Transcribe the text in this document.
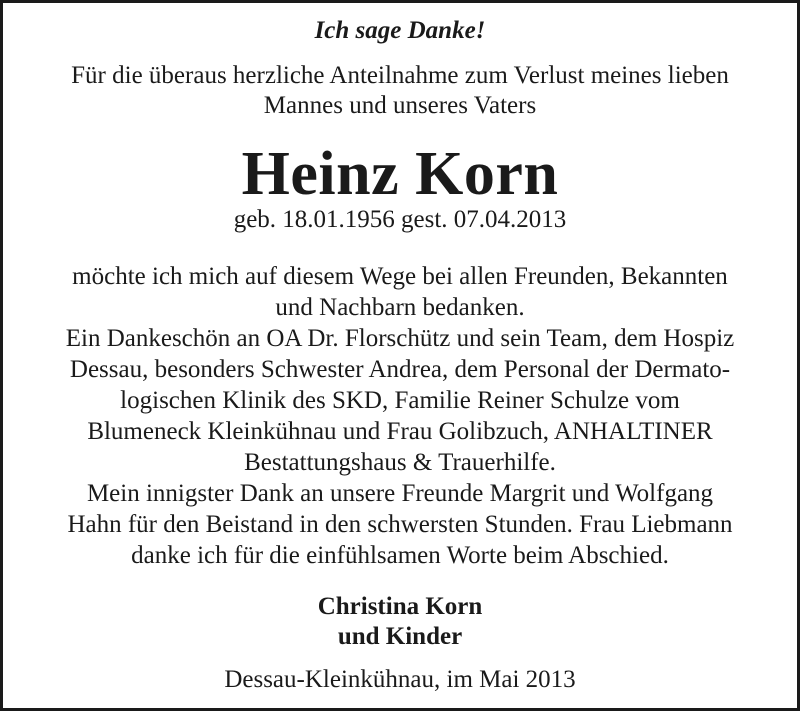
Ich sage Danke!
Für die überaus herzliche Anteilnahme zum Verlust meines lieben
Mannes und unseres Vaters
Heinz Korn
geb. 18.01.1956 gest. 07.04.2013
möchte ich mich auf diesem Wege bei allen Freunden, Bekannten
und Nachbarn bedanken.
Ein Dankeschön an OA Dr. Florschütz und sein Team, dem Hospiz
Dessau, besonders Schwester Andrea, dem Personal der Dermato-
logischen Klinik des SKD, Familie Reiner Schulze vom
Blumeneck Kleinkühnau und Frau Golibzuch, ANHALTINER
Bestattungshaus & Trauerhilfe.
Mein innigster Dank an unsere Freunde Margrit und Wolfgang
Hahn für den Beistand in den schwersten Stunden. Frau Liebmann
danke ich für die einfühlsamen Worte beim Abschied.
Christina Korn
und Kinder
Dessau-Kleinkühnau, im Mai 2013
